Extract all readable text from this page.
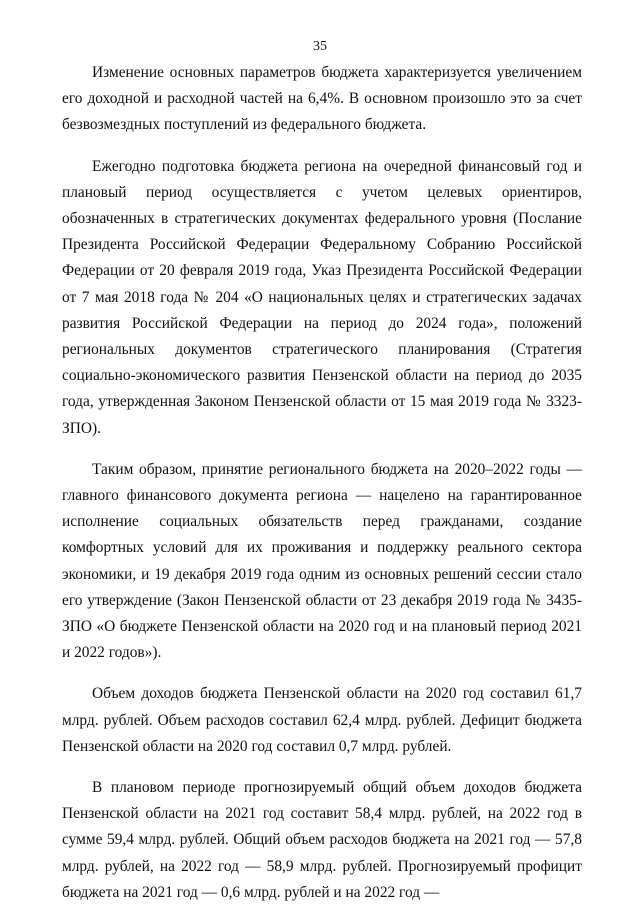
35

Изменение основных параметров бюджета характеризуется увеличением его доходной и расходной частей на 6,4%. В основном произошло это за счет безвозмездных поступлений из федерального бюджета.

Ежегодно подготовка бюджета региона на очередной финансовый год и плановый период осуществляется с учетом целевых ориентиров, обозначенных в стратегических документах федерального уровня (Послание Президента Российской Федерации Федеральному Собранию Российской Федерации от 20 февраля 2019 года, Указ Президента Российской Федерации от 7 мая 2018 года № 204 «О национальных целях и стратегических задачах развития Российской Федерации на период до 2024 года», положений региональных документов стратегического планирования (Стратегия социально-экономического развития Пензенской области на период до 2035 года, утвержденная Законом Пензенской области от 15 мая 2019 года № 3323-ЗПО).

Таким образом, принятие регионального бюджета на 2020–2022 годы — главного финансового документа региона — нацелено на гарантированное исполнение социальных обязательств перед гражданами, создание комфортных условий для их проживания и поддержку реального сектора экономики, и 19 декабря 2019 года одним из основных решений сессии стало его утверждение (Закон Пензенской области от 23 декабря 2019 года № 3435-ЗПО «О бюджете Пензенской области на 2020 год и на плановый период 2021 и 2022 годов»).

Объем доходов бюджета Пензенской области на 2020 год составил 61,7 млрд. рублей. Объем расходов составил 62,4 млрд. рублей. Дефицит бюджета Пензенской области на 2020 год составил 0,7 млрд. рублей.

В плановом периоде прогнозируемый общий объем доходов бюджета Пензенской области на 2021 год составит 58,4 млрд. рублей, на 2022 год в сумме 59,4 млрд. рублей. Общий объем расходов бюджета на 2021 год — 57,8 млрд. рублей, на 2022 год — 58,9 млрд. рублей. Прогнозируемый профицит бюджета на 2021 год — 0,6 млрд. рублей и на 2022 год —
